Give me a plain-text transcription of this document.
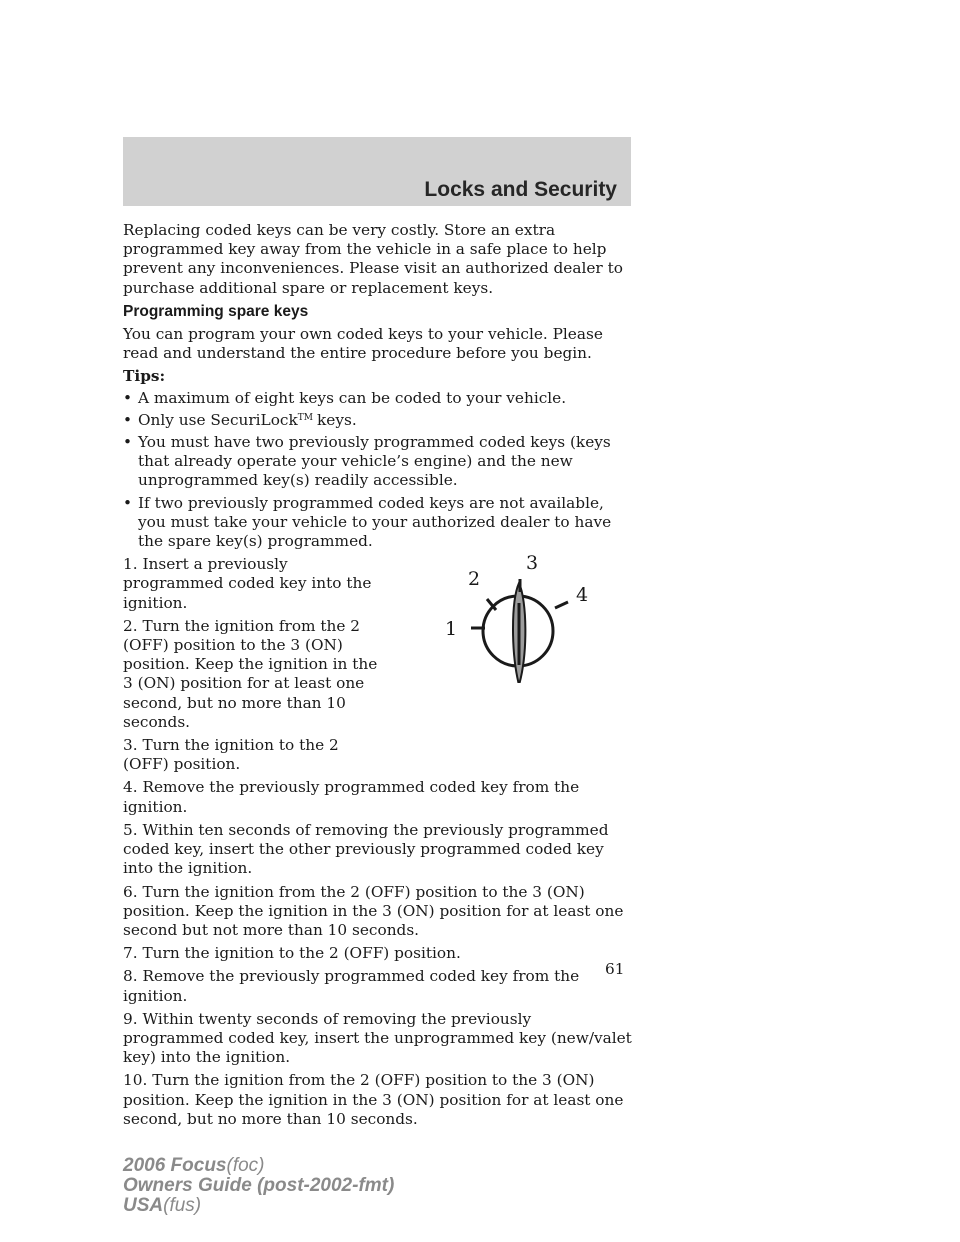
Locks and Security

Replacing coded keys can be very costly. Store an extra programmed key away from the vehicle in a safe place to help prevent any inconveniences. Please visit an authorized dealer to purchase additional spare or replacement keys.

Programming spare keys

You can program your own coded keys to your vehicle. Please read and understand the entire procedure before you begin.

Tips:
• A maximum of eight keys can be coded to your vehicle.
• Only use SecuriLock™ keys.
• You must have two previously programmed coded keys (keys that already operate your vehicle’s engine) and the new unprogrammed key(s) readily accessible.
• If two previously programmed coded keys are not available, you must take your vehicle to your authorized dealer to have the spare key(s) programmed.

1. Insert a previously programmed coded key into the ignition.

2. Turn the ignition from the 2 (OFF) position to the 3 (ON) position. Keep the ignition in the 3 (ON) position for at least one second, but no more than 10 seconds.

3. Turn the ignition to the 2 (OFF) position.

1
2
3
4

4. Remove the previously programmed coded key from the ignition.

5. Within ten seconds of removing the previously programmed coded key, insert the other previously programmed coded key into the ignition.

6. Turn the ignition from the 2 (OFF) position to the 3 (ON) position. Keep the ignition in the 3 (ON) position for at least one second but not more than 10 seconds.

7. Turn the ignition to the 2 (OFF) position.

8. Remove the previously programmed coded key from the ignition.

9. Within twenty seconds of removing the previously programmed coded key, insert the unprogrammed key (new/valet key) into the ignition.

10. Turn the ignition from the 2 (OFF) position to the 3 (ON) position. Keep the ignition in the 3 (ON) position for at least one second, but no more than 10 seconds.

61
2006 Focus(foc)
Owners Guide (post-2002-fmt)
USA(fus)
